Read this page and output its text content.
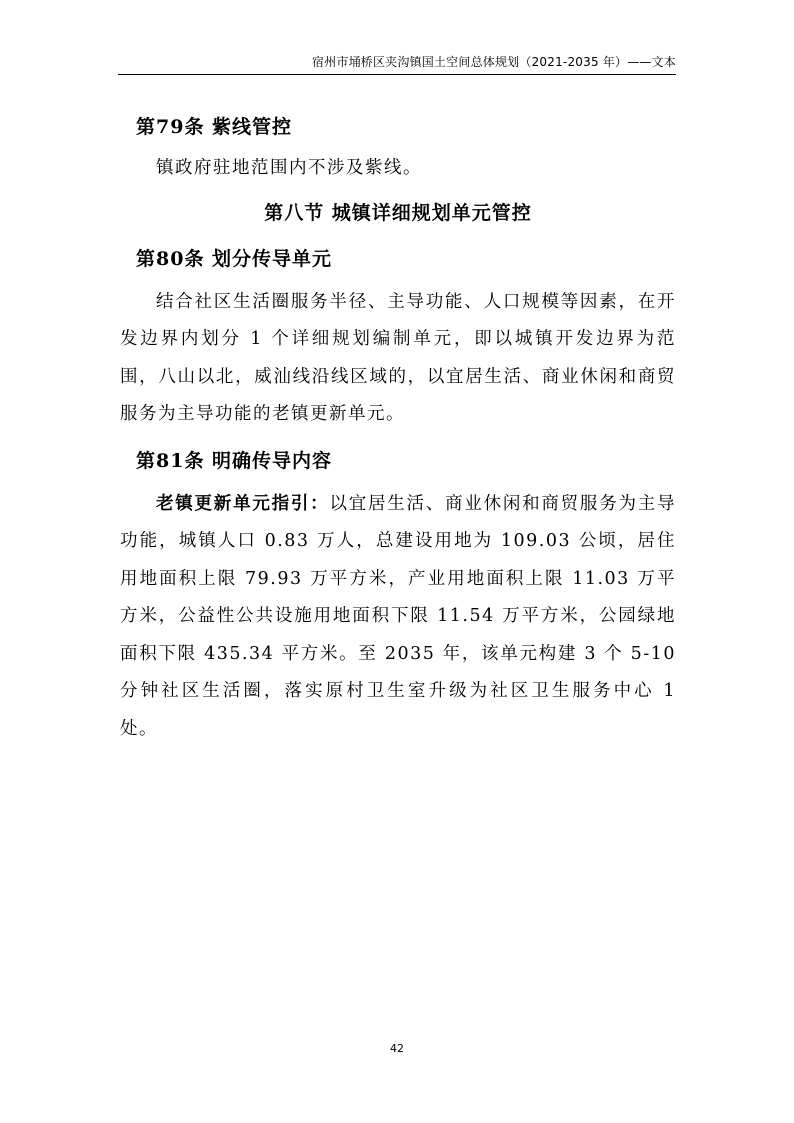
宿州市埇桥区夹沟镇国土空间总体规划（2021-2035 年）——文本
第79条 紫线管控
镇政府驻地范围内不涉及紫线。
第八节 城镇详细规划单元管控
第80条 划分传导单元
结合社区生活圈服务半径、主导功能、人口规模等因素，在开发边界内划分 1 个详细规划编制单元，即以城镇开发边界为范围，八山以北，威汕线沿线区域的，以宜居生活、商业休闲和商贸服务为主导功能的老镇更新单元。
第81条 明确传导内容
老镇更新单元指引：以宜居生活、商业休闲和商贸服务为主导功能，城镇人口 0.83 万人，总建设用地为 109.03 公顷，居住用地面积上限 79.93 万平方米，产业用地面积上限 11.03 万平方米，公益性公共设施用地面积下限 11.54 万平方米，公园绿地面积下限 435.34 平方米。至 2035 年，该单元构建 3 个 5-10 分钟社区生活圈，落实原村卫生室升级为社区卫生服务中心 1 处。
42
